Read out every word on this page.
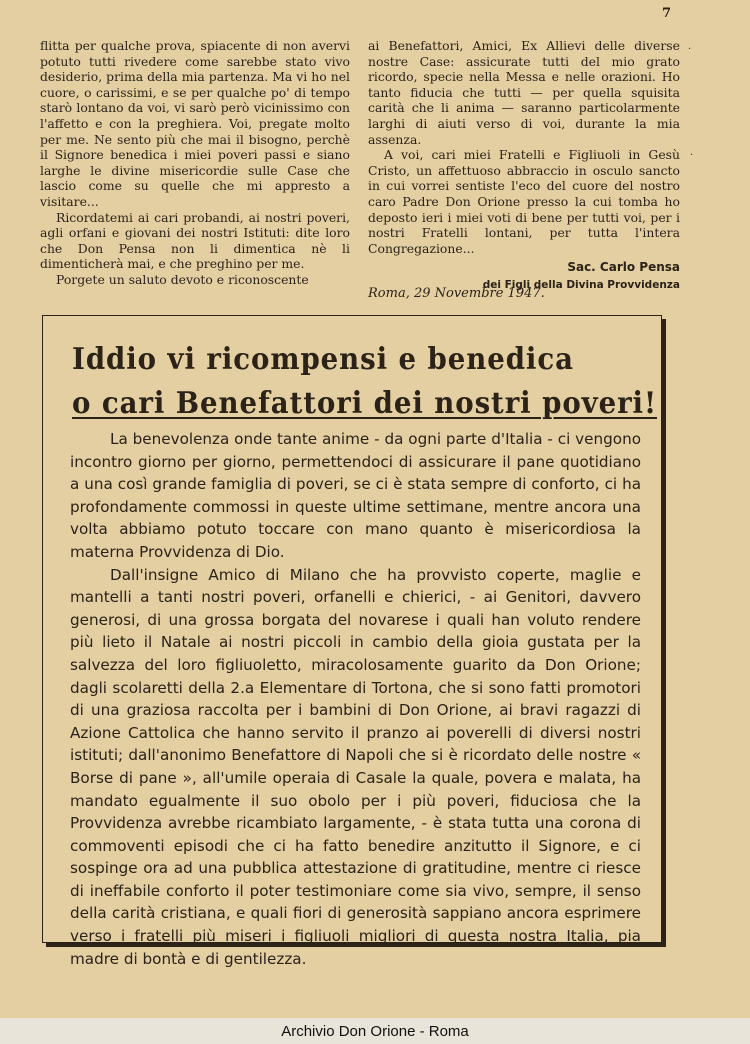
7

flitta per qualche prova, spiacente di non avervi potuto tutti rivedere come sarebbe stato vivo desiderio, prima della mia partenza. Ma vi ho nel cuore, o carissimi, e se per qualche po' di tempo starò lontano da voi, vi sarò però vicinissimo con l'affetto e con la preghiera. Voi, pregate molto per me. Ne sento più che mai il bisogno, perchè il Signore benedica i miei poveri passi e siano larghe le divine misericordie sulle Case che lascio come su quelle che mi appresto a visitare...

Ricordatemi ai cari probandi, ai nostri poveri, agli orfani e giovani dei nostri Istituti: dite loro che Don Pensa non li dimentica nè li dimenticherà mai, e che preghino per me.

Porgete un saluto devoto e riconoscente

ai Benefattori, Amici, Ex Allievi delle diverse nostre Case: assicurate tutti del mio grato ricordo, specie nella Messa e nelle orazioni. Ho tanto fiducia che tutti — per quella squisita carità che li anima — saranno particolarmente larghi di aiuti verso di voi, durante la mia assenza.

A voi, cari miei Fratelli e Figliuoli in Gesù Cristo, un affettuoso abbraccio in osculo sancto in cui vorrei sentiste l'eco del cuore del nostro caro Padre Don Orione presso la cui tomba ho deposto ieri i miei voti di bene per tutti voi, per i nostri Fratelli lontani, per tutta l'intera Congregazione...

Sac. Carlo Pensa
dei Figli della Divina Provvidenza
Roma, 29 Novembre 1947.
Iddio vi ricompensi e benedica
o cari Benefattori dei nostri poveri!

La benevolenza onde tante anime - da ogni parte d'Italia - ci vengono incontro giorno per giorno, permettendoci di assicurare il pane quotidiano a una così grande famiglia di poveri, se ci è stata sempre di conforto, ci ha profondamente commossi in queste ultime settimane, mentre ancora una volta abbiamo potuto toccare con mano quanto è misericordiosa la materna Provvidenza di Dio.

Dall'insigne Amico di Milano che ha provvisto coperte, maglie e mantelli a tanti nostri poveri, orfanelli e chierici, - ai Genitori, davvero generosi, di una grossa borgata del novarese i quali han voluto rendere più lieto il Natale ai nostri piccoli in cambio della gioia gustata per la salvezza del loro figliuoletto, miracolosamente guarito da Don Orione; dagli scolaretti della 2.a Elementare di Tortona, che si sono fatti promotori di una graziosa raccolta per i bambini di Don Orione, ai bravi ragazzi di Azione Cattolica che hanno servito il pranzo ai poverelli di diversi nostri istituti; dall'anonimo Benefattore di Napoli che si è ricordato delle nostre « Borse di pane », all'umile operaia di Casale la quale, povera e malata, ha mandato egualmente il suo obolo per i più poveri, fiduciosa che la Provvidenza avrebbe ricambiato largamente, - è stata tutta una corona di commoventi episodi che ci ha fatto benedire anzitutto il Signore, e ci sospinge ora ad una pubblica attestazione di gratitudine, mentre ci riesce di ineffabile conforto il poter testimoniare come sia vivo, sempre, il senso della carità cristiana, e quali fiori di generosità sappiano ancora esprimere verso i fratelli più miseri i figliuoli migliori di questa nostra Italia, pia madre di bontà e di gentilezza.

·
·
Archivio Don Orione - Roma
